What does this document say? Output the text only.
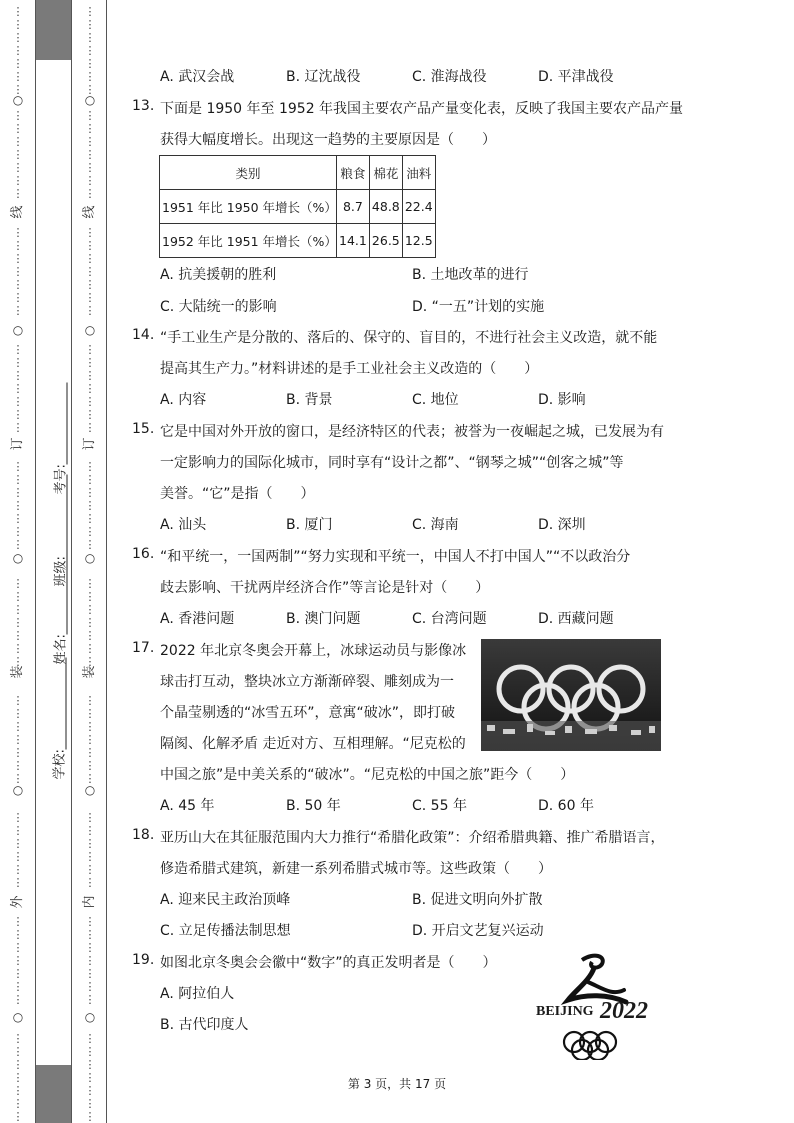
○
○
○
○
○
线
订
装
外
⋮
⋮
⋮
⋮
⋮
⋮
⋮
⋮
⋮
⋮
⋮
⋮
⋮
⋮
⋮
⋮
⋮
⋮
⋮
⋮
⋮
⋮
⋮
⋮
⋮
⋮
⋮
⋮
⋮
⋮
⋮
⋮
⋮
⋮
⋮
⋮
⋮
⋮
⋮
⋮
⋮
⋮
⋮
⋮
⋮
⋮
⋮
⋮
⋮
⋮
⋮
⋮
⋮
⋮
⋮
⋮
⋮
⋮
⋮
⋮
⋮
⋮
⋮
⋮
⋮
⋮
⋮
⋮
⋮
○
○
○
○
○
线
订
装
内
⋮
⋮
⋮
⋮
⋮
⋮
⋮
⋮
⋮
⋮
⋮
⋮
⋮
⋮
⋮
⋮
⋮
⋮
⋮
⋮
⋮
⋮
⋮
⋮
⋮
⋮
⋮
⋮
⋮
⋮
⋮
⋮
⋮
⋮
⋮
⋮
⋮
⋮
⋮
⋮
⋮
⋮
⋮
⋮
⋮
⋮
⋮
⋮
⋮
⋮
⋮
⋮
⋮
⋮
⋮
⋮
⋮
⋮
⋮
⋮
⋮
⋮
⋮
⋮
⋮
⋮
⋮
⋮
⋮
学校:
姓名:
班级:
考号:
A. 武汉会战	B. 辽沈战役	C. 淮海战役	D. 平津战役
13. 下面是 1950 年至 1952 年我国主要农产品产量变化表，反映了我国主要农产品产量
获得大幅度增长。出现这一趋势的主要原因是（　　）
类别	粮食	棉花	油料
1951 年比 1950 年增长（%）	8.7	48.8	22.4
1952 年比 1951 年增长（%）	14.1	26.5	12.5
A. 抗美援朝的胜利	B. 土地改革的进行
C. 大陆统一的影响	D. “一五”计划的实施
14. “手工业生产是分散的、落后的、保守的、盲目的，不进行社会主义改造，就不能
提高其生产力。”材料讲述的是手工业社会主义改造的（　　）
A. 内容	B. 背景	C. 地位	D. 影响
15. 它是中国对外开放的窗口，是经济特区的代表；被誉为一夜崛起之城，已发展为有
一定影响力的国际化城市，同时享有“设计之都”、“钢琴之城”“创客之城”等
美誉。“它”是指（　　）
A. 汕头	B. 厦门	C. 海南	D. 深圳
16. “和平统一，一国两制”“努力实现和平统一，中国人不打中国人”“不以政治分
歧去影响、干扰两岸经济合作”等言论是针对（　　）
A. 香港问题	B. 澳门问题	C. 台湾问题	D. 西藏问题
17. 2022 年北京冬奥会开幕上，冰球运动员与影像冰
球击打互动，整块冰立方渐渐碎裂、雕刻成为一
个晶莹剔透的“冰雪五环”，意寓“破冰”，即打破
隔阂、化解矛盾 走近对方、互相理解。“尼克松的
中国之旅”是中美关系的“破冰”。“尼克松的中国之旅”距今（　　）
A. 45 年	B. 50 年	C. 55 年	D. 60 年
18. 亚历山大在其征服范围内大力推行“希腊化政策”：介绍希腊典籍、推广希腊语言，
修造希腊式建筑，新建一系列希腊式城市等。这些政策（　　）
A. 迎来民主政治顶峰	B. 促进文明向外扩散
C. 立足传播法制思想	D. 开启文艺复兴运动
19. 如图北京冬奥会会徽中“数字”的真正发明者是（　　）
A. 阿拉伯人
B. 古代印度人
BEIJING 2022
第 3 页，共 17 页
